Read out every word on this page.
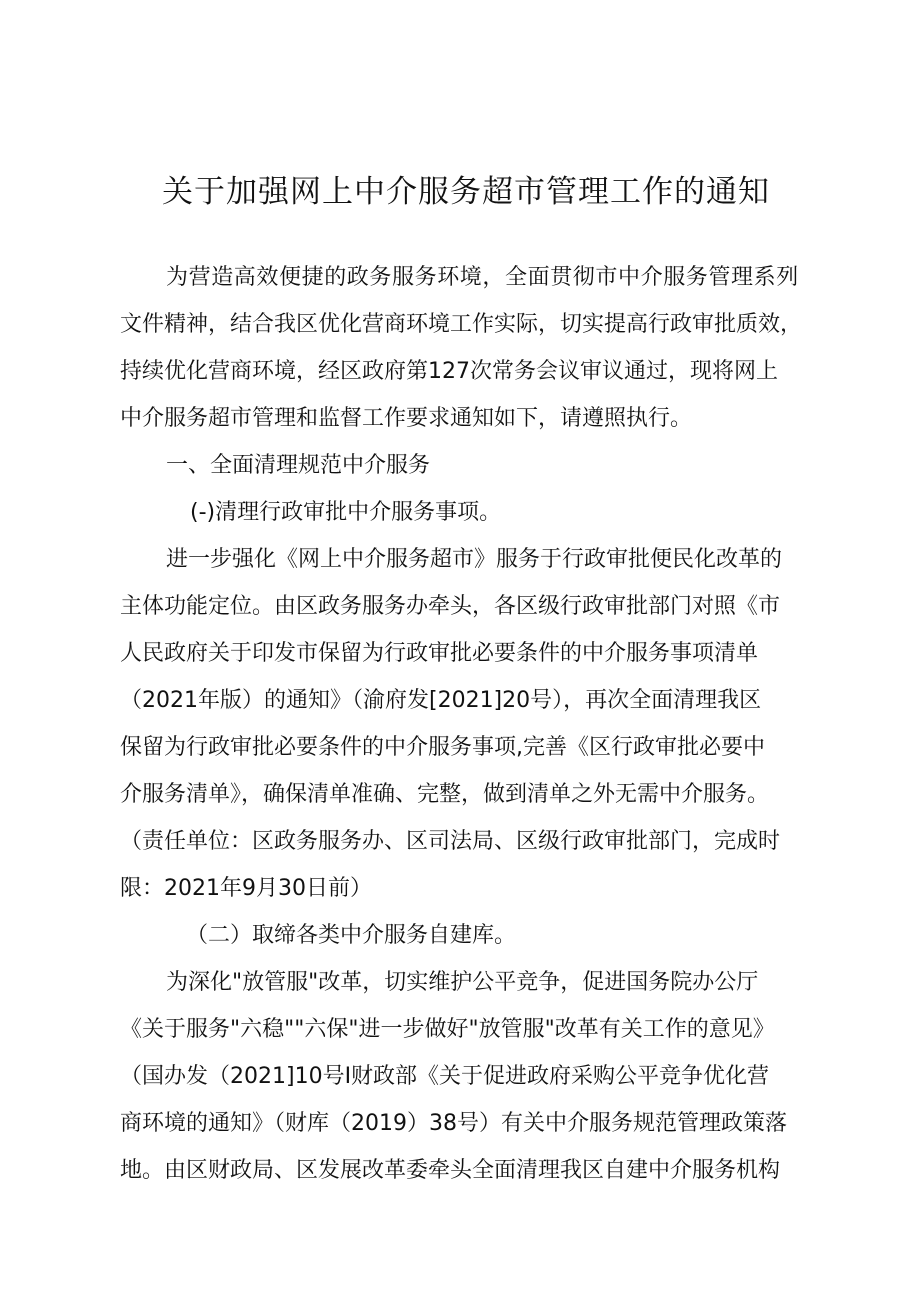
关于加强网上中介服务超市管理工作的通知
为营造高效便捷的政务服务环境，全面贯彻市中介服务管理系列
文件精神，结合我区优化营商环境工作实际，切实提高行政审批质效，
持续优化营商环境，经区政府第127次常务会议审议通过，现将网上
中介服务超市管理和监督工作要求通知如下，请遵照执行。
一、全面清理规范中介服务
(-)清理行政审批中介服务事项。
进一步强化《网上中介服务超市》服务于行政审批便民化改革的
主体功能定位。由区政务服务办牵头，各区级行政审批部门对照《市
人民政府关于印发市保留为行政审批必要条件的中介服务事项清单
（2021年版）的通知》（渝府发[2021]20号），再次全面清理我区
保留为行政审批必要条件的中介服务事项,完善《区行政审批必要中
介服务清单》，确保清单准确、完整，做到清单之外无需中介服务。
（责任单位：区政务服务办、区司法局、区级行政审批部门，完成时
限：2021年9月30日前）
（二）取缔各类中介服务自建库。
为深化"放管服"改革，切实维护公平竞争，促进国务院办公厅
《关于服务"六稳""六保"进一步做好"放管服"改革有关工作的意见》
（国办发（2021]10号I财政部《关于促进政府采购公平竞争优化营
商环境的通知》（财库（2019）38号）有关中介服务规范管理政策落
地。由区财政局、区发展改革委牵头全面清理我区自建中介服务机构
